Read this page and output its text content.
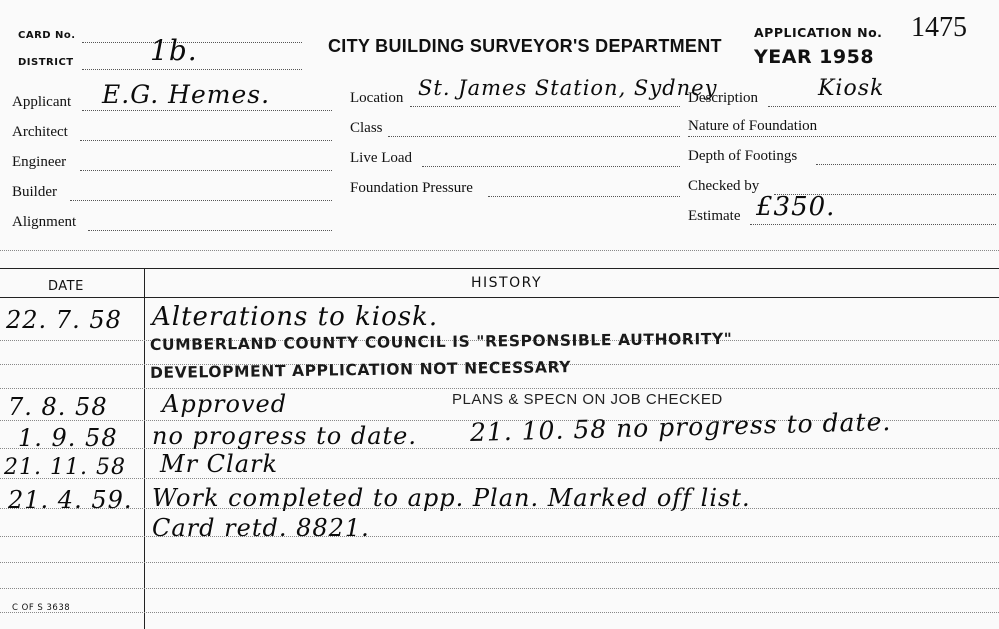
CARD No.
DISTRICT	1b.	CITY BUILDING SURVEYOR'S DEPARTMENT
APPLICATION No. 1475
YEAR 1958
Applicant E.G. Hemes.
Architect
Engineer
Builder
Alignment
Location St. James Station, Sydney
Class
Live Load
Foundation Pressure
Description	Kiosk
Nature of Foundation
Depth of Footings
Checked by
Estimate £350.
DATE	HISTORY
22. 7. 58 Alterations to kiosk.
CUMBERLAND COUNTY COUNCIL IS "RESPONSIBLE AUTHORITY"
DEVELOPMENT APPLICATION NOT NECESSARY
7. 8. 58 Approved	PLANS & SPECN ON JOB CHECKED
1. 9. 58 no progress to date. 21. 10. 58 no progress to date.
21. 11. 58 Mr Clark
21. 4. 59. Work completed to app. Plan. Marked off list.
Card retd. 8821.
C OF S 3638
